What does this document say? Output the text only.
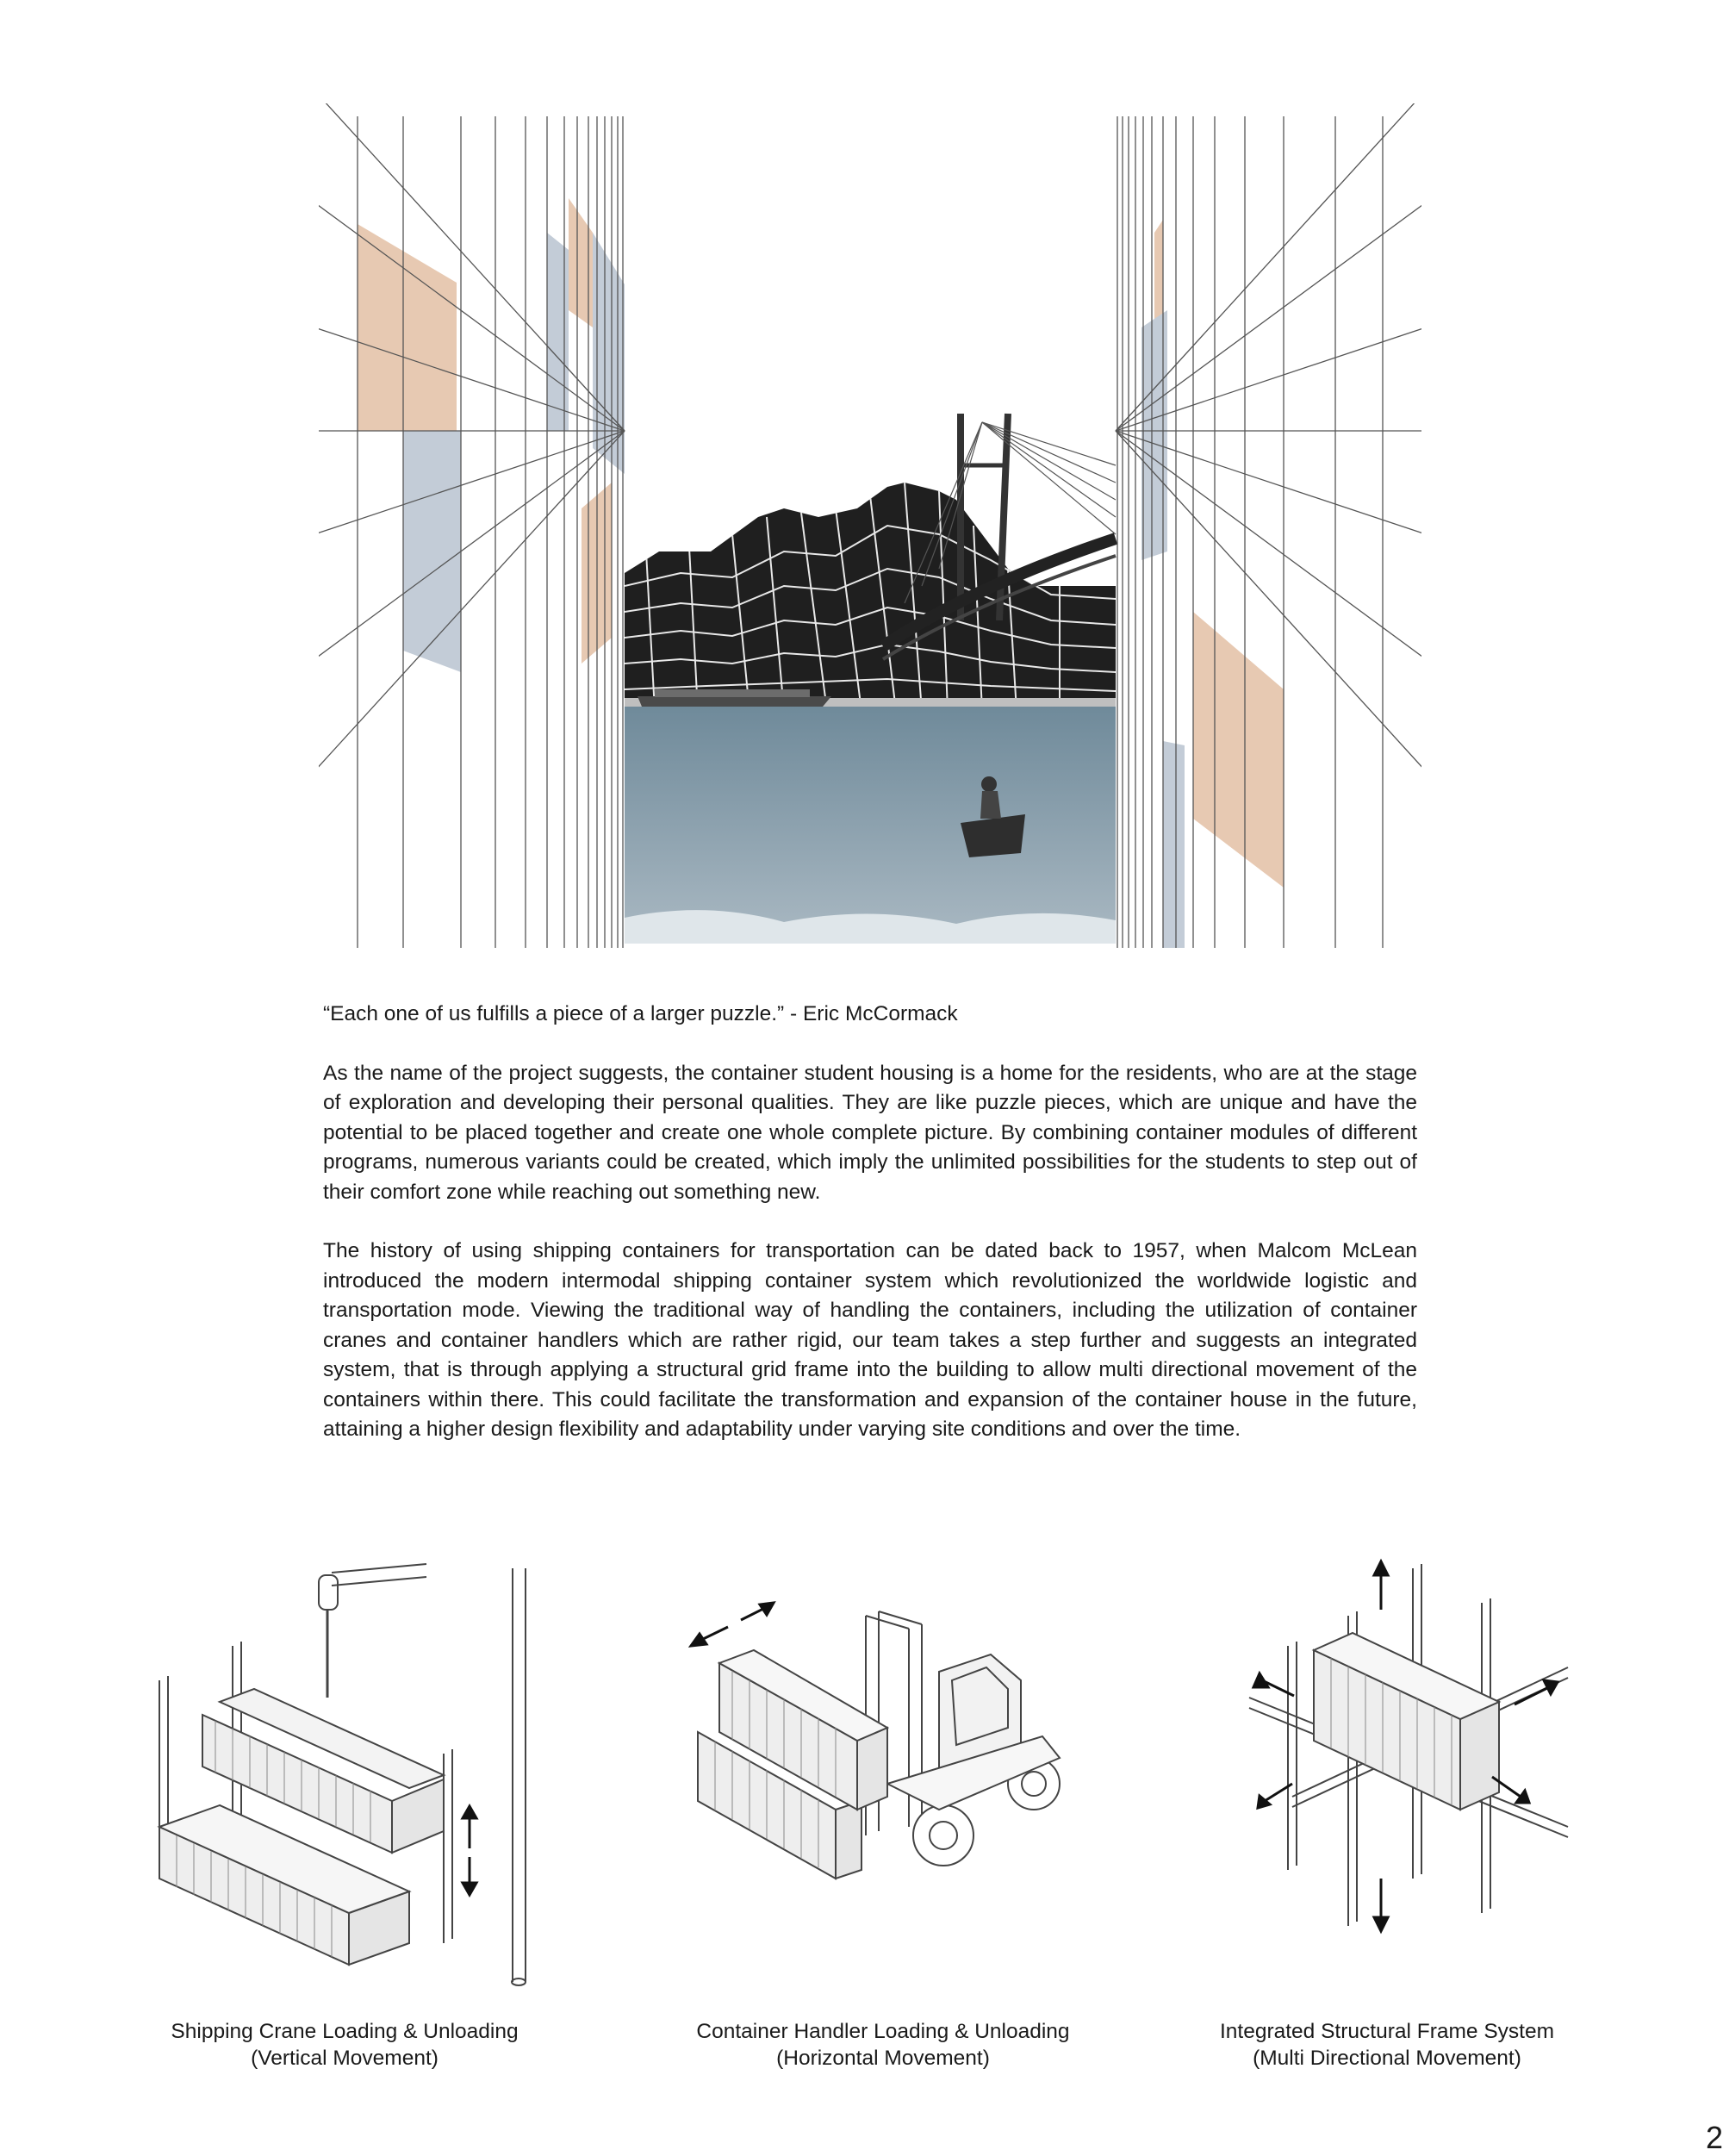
“Each one of us fulfills a piece of a larger puzzle.” - Eric McCormack

As the name of the project suggests, the container student housing is a home for the residents, who are at the stage of exploration and developing their personal qualities. They are like puzzle pieces, which are unique and have the potential to be placed together and create one whole complete picture. By combining container modules of different programs, numerous variants could be created, which imply the unlimited possibilities for the students to step out of their comfort zone while reaching out something new.

The history of using shipping containers for transportation can be dated back to 1957, when Malcom McLean introduced the modern intermodal shipping container system which revolutionized the worldwide logistic and transportation mode. Viewing the traditional way of handling the containers, including the utilization of container cranes and container handlers which are rather rigid, our team takes a step further and suggests an integrated system, that is through applying a structural grid frame into the building to allow multi directional movement of the containers within there. This could facilitate the transformation and expansion of the container house in the future, attaining a higher design flexibility and adaptability under varying site conditions and over the time.

Shipping Crane Loading & Unloading
(Vertical Movement)
Container Handler Loading & Unloading
(Horizontal Movement)
Integrated Structural Frame System
(Multi Directional Movement)
2
